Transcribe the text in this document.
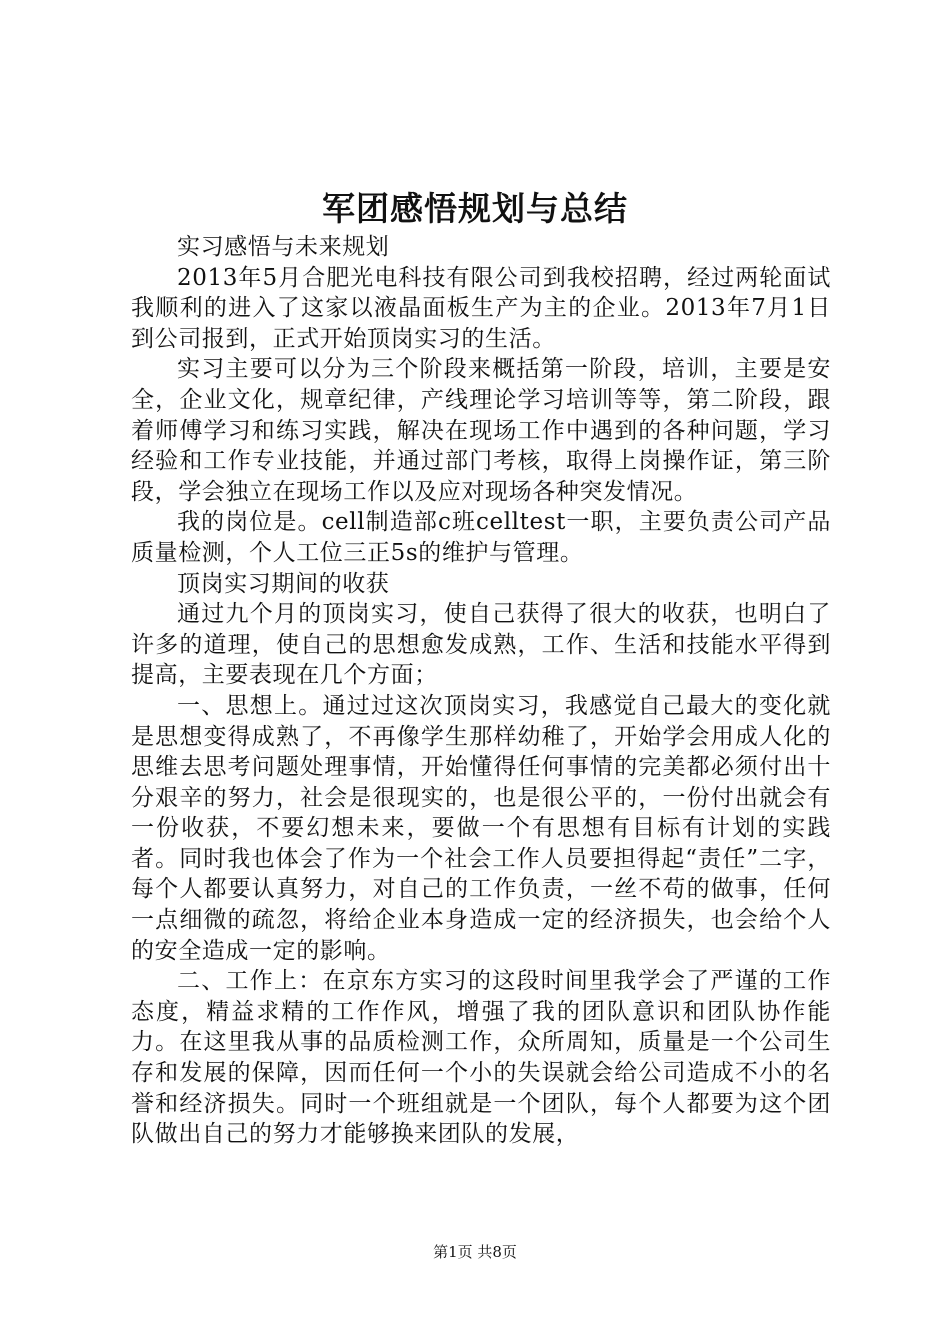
军团感悟规划与总结

实习感悟与未来规划

2013年5月合肥光电科技有限公司到我校招聘，经过两轮面试我顺利的进入了这家以液晶面板生产为主的企业。2013年7月1日到公司报到，正式开始顶岗实习的生活。

实习主要可以分为三个阶段来概括第一阶段，培训，主要是安全，企业文化，规章纪律，产线理论学习培训等等，第二阶段，跟着师傅学习和练习实践，解决在现场工作中遇到的各种问题，学习经验和工作专业技能，并通过部门考核，取得上岗操作证，第三阶段，学会独立在现场工作以及应对现场各种突发情况。

我的岗位是。cell制造部c班celltest一职，主要负责公司产品质量检测，个人工位三正5s的维护与管理。

顶岗实习期间的收获

通过九个月的顶岗实习，使自己获得了很大的收获，也明白了许多的道理，使自己的思想愈发成熟，工作、生活和技能水平得到提高，主要表现在几个方面；

一、思想上。通过过这次顶岗实习，我感觉自己最大的变化就是思想变得成熟了，不再像学生那样幼稚了，开始学会用成人化的思维去思考问题处理事情，开始懂得任何事情的完美都必须付出十分艰辛的努力，社会是很现实的，也是很公平的，一份付出就会有一份收获，不要幻想未来，要做一个有思想有目标有计划的实践者。同时我也体会了作为一个社会工作人员要担得起“责任”二字，每个人都要认真努力，对自己的工作负责，一丝不苟的做事，任何一点细微的疏忽，将给企业本身造成一定的经济损失，也会给个人的安全造成一定的影响。

二、工作上：在京东方实习的这段时间里我学会了严谨的工作态度，精益求精的工作作风，增强了我的团队意识和团队协作能力。在这里我从事的品质检测工作，众所周知，质量是一个公司生存和发展的保障，因而任何一个小的失误就会给公司造成不小的名誉和经济损失。同时一个班组就是一个团队，每个人都要为这个团队做出自己的努力才能够换来团队的发展，

第1页 共8页
